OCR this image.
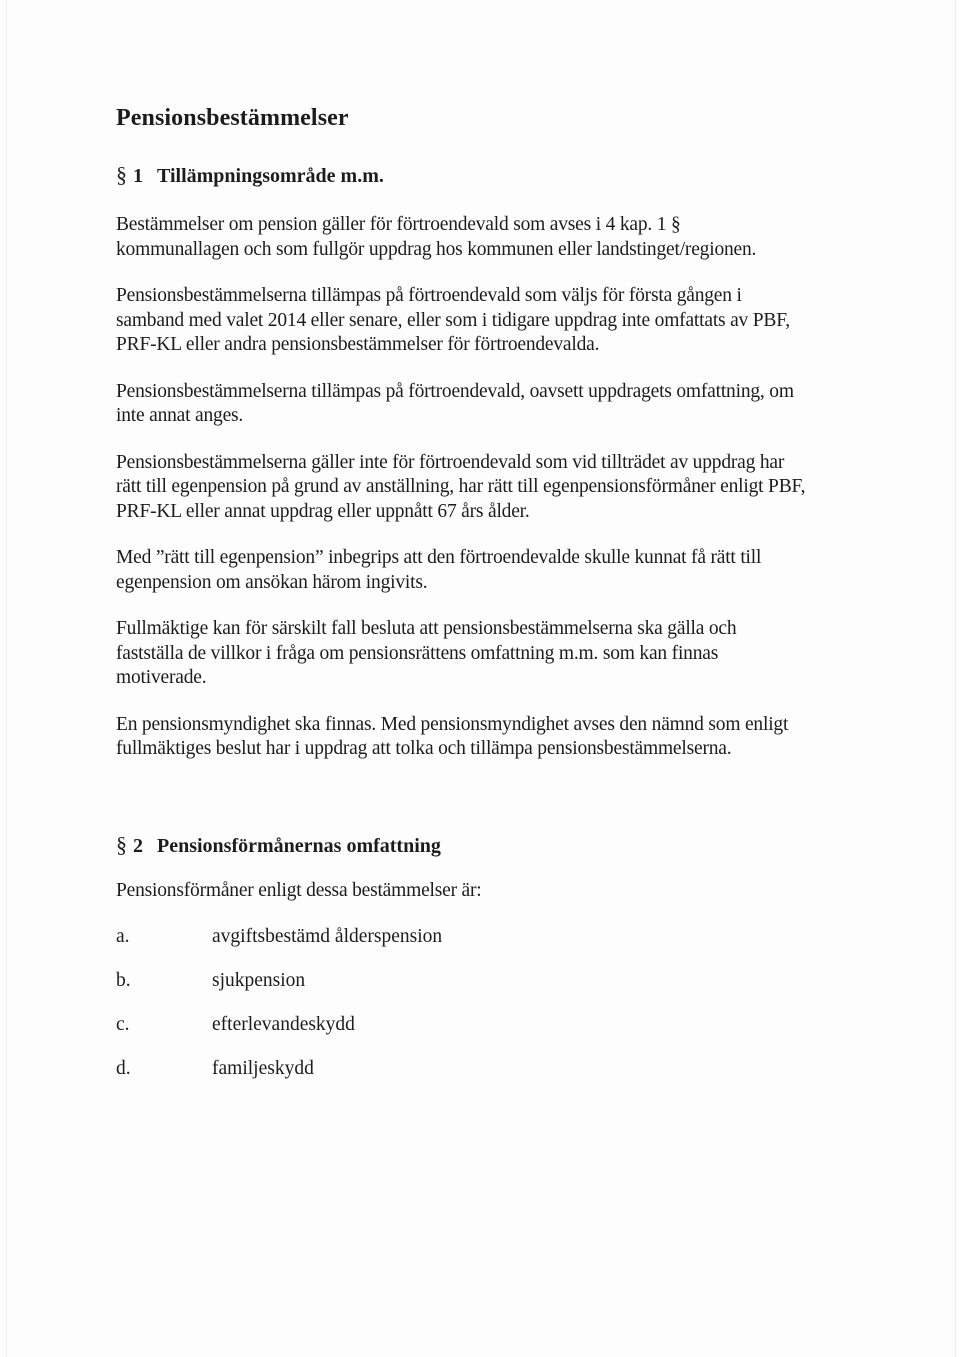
Pensionsbestämmelser
§ 1 Tillämpningsområde m.m.

Bestämmelser om pension gäller för förtroendevald som avses i 4 kap. 1 § kommunallagen och som fullgör uppdrag hos kommunen eller landstinget/regionen.

Pensionsbestämmelserna tillämpas på förtroendevald som väljs för första gången i samband med valet 2014 eller senare, eller som i tidigare uppdrag inte omfattats av PBF, PRF-KL eller andra pensionsbestämmelser för förtroendevalda.

Pensionsbestämmelserna tillämpas på förtroendevald, oavsett uppdragets omfattning, om inte annat anges.

Pensionsbestämmelserna gäller inte för förtroendevald som vid tillträdet av uppdrag har rätt till egenpension på grund av anställning, har rätt till egenpensionsförmåner enligt PBF, PRF-KL eller annat uppdrag eller uppnått 67 års ålder.

Med ”rätt till egenpension” inbegrips att den förtroendevalde skulle kunnat få rätt till egenpension om ansökan härom ingivits.

Fullmäktige kan för särskilt fall besluta att pensionsbestämmelserna ska gälla och fastställa de villkor i fråga om pensionsrättens omfattning m.m. som kan finnas motiverade.

En pensionsmyndighet ska finnas. Med pensionsmyndighet avses den nämnd som enligt fullmäktiges beslut har i uppdrag att tolka och tillämpa pensionsbestämmelserna.

§ 2 Pensionsförmånernas omfattning

Pensionsförmåner enligt dessa bestämmelser är:

a.	avgiftsbestämd ålderspension
b.	sjukpension
c.	efterlevandeskydd
d.	familjeskydd
